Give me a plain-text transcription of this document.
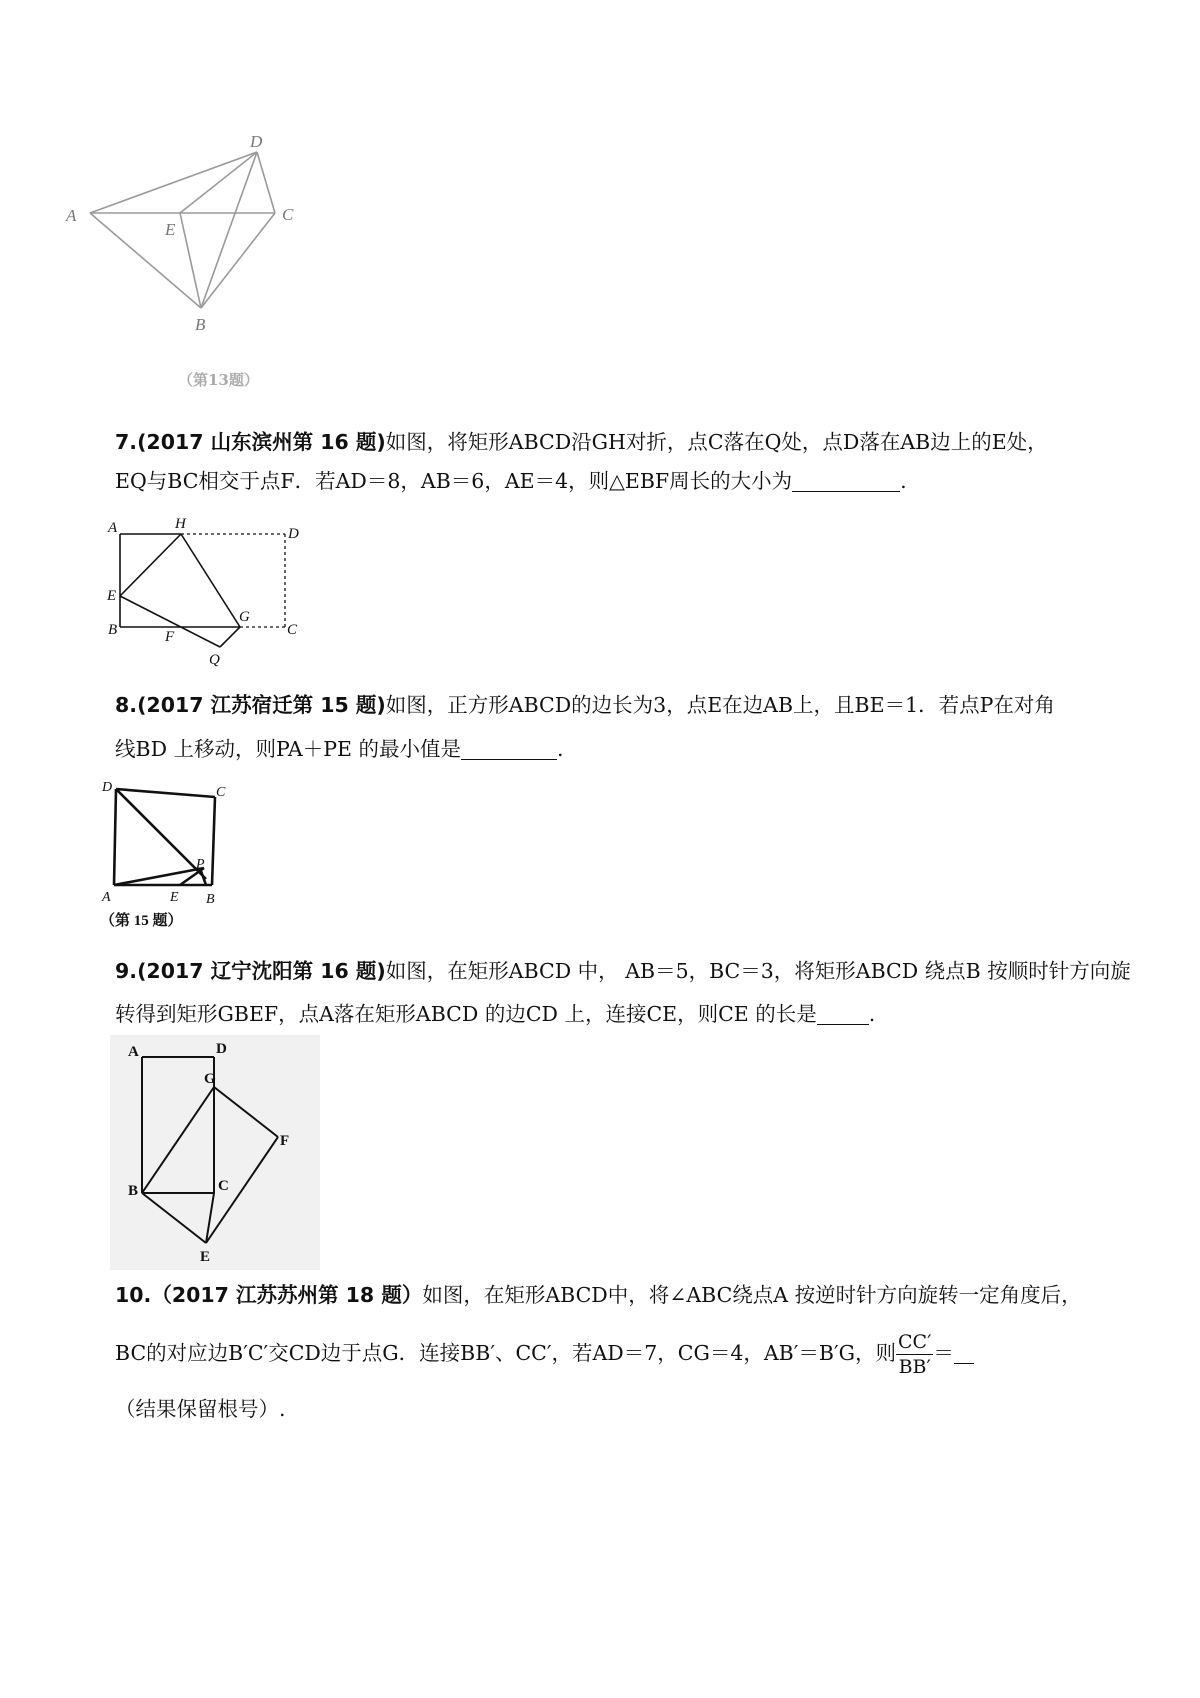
A
B
C
D
E
（第13题）
7.(2017 山东滨州第 16 题)如图，将矩形ABCD沿GH对折，点C落在Q处，点D落在AB边上的E处，
EQ与BC相交于点F．若AD＝8，AB＝6，AE＝4，则△EBF周长的大小为	.
A	H
D
E
G
B	F	C
Q
8.(2017 江苏宿迁第 15 题)如图，正方形ABCD的边长为3，点E在边AB上，且BE＝1．若点P在对角
线BD 上移动，则PA＋PE 的最小值是	.
D	C
P
A	E B
（第 15 题）
9.(2017 辽宁沈阳第 16 题)如图，在矩形ABCD 中， AB＝5，BC＝3，将矩形ABCD 绕点B 按顺时针方向旋
转得到矩形GBEF，点A落在矩形ABCD 的边CD 上，连接CE，则CE 的长是	.
A	D
G
F
B	C
E
10.（2017 江苏苏州第 18 题）如图，在矩形ABCD中，将∠ABC绕点A 按逆时针方向旋转一定角度后，
BC的对应边B′C′交CD边于点G．连接BB′、CC′，若AD＝7，CG＝4，AB′＝B′G，则 $\frac{CC'}{BB'}$ ＝
（结果保留根号）.
